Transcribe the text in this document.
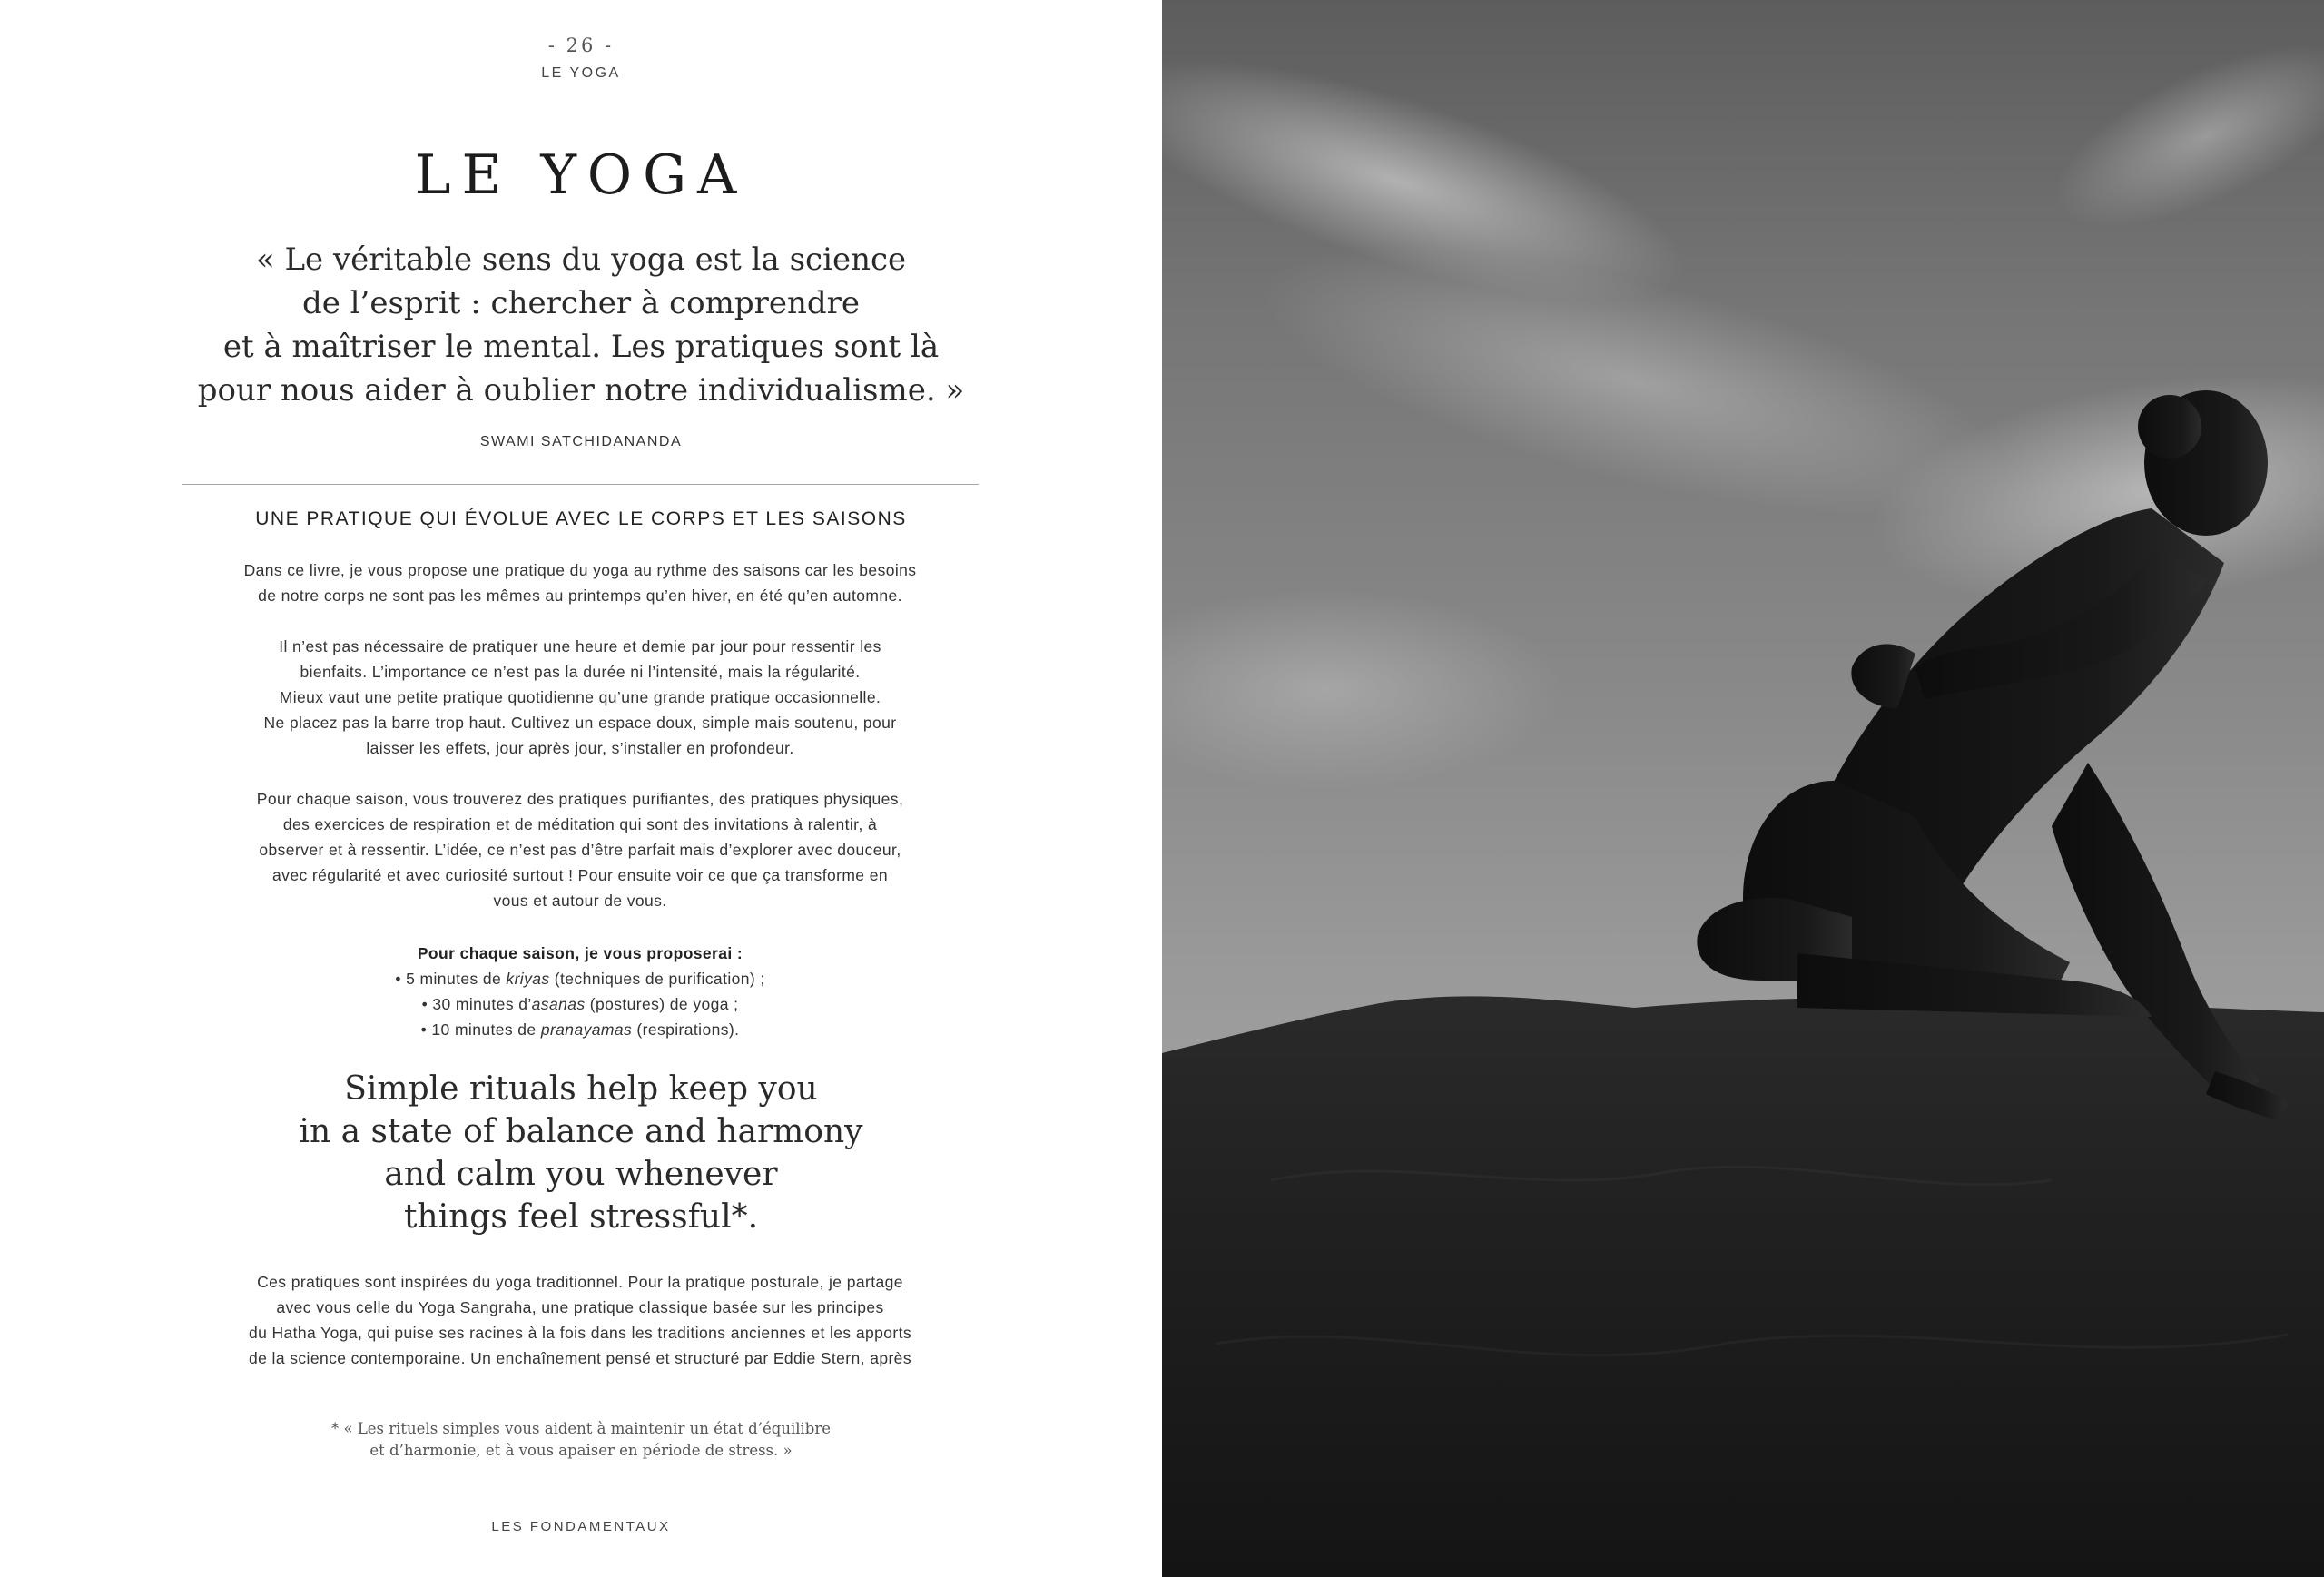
- 26 -
LE YOGA
LE YOGA
« Le véritable sens du yoga est la science
de l’esprit : chercher à comprendre
et à maîtriser le mental. Les pratiques sont là
pour nous aider à oublier notre individualisme. »
SWAMI SATCHIDANANDA
UNE PRATIQUE QUI ÉVOLUE AVEC LE CORPS ET LES SAISONS
Dans ce livre, je vous propose une pratique du yoga au rythme des saisons car les besoins
de notre corps ne sont pas les mêmes au printemps qu’en hiver, en été qu’en automne.
Il n’est pas nécessaire de pratiquer une heure et demie par jour pour ressentir les
bienfaits. L’importance ce n’est pas la durée ni l’intensité, mais la régularité.
Mieux vaut une petite pratique quotidienne qu’une grande pratique occasionnelle.
Ne placez pas la barre trop haut. Cultivez un espace doux, simple mais soutenu, pour
laisser les effets, jour après jour, s’installer en profondeur.
Pour chaque saison, vous trouverez des pratiques purifiantes, des pratiques physiques,
des exercices de respiration et de méditation qui sont des invitations à ralentir, à
observer et à ressentir. L’idée, ce n’est pas d’être parfait mais d’explorer avec douceur,
avec régularité et avec curiosité surtout ! Pour ensuite voir ce que ça transforme en
vous et autour de vous.
Pour chaque saison, je vous proposerai :
• 5 minutes de kriyas (techniques de purification) ;
• 30 minutes d’asanas (postures) de yoga ;
• 10 minutes de pranayamas (respirations).
Simple rituals help keep you
in a state of balance and harmony
and calm you whenever
things feel stressful*.
Ces pratiques sont inspirées du yoga traditionnel. Pour la pratique posturale, je partage
avec vous celle du Yoga Sangraha, une pratique classique basée sur les principes
du Hatha Yoga, qui puise ses racines à la fois dans les traditions anciennes et les apports
de la science contemporaine. Un enchaînement pensé et structuré par Eddie Stern, après
* « Les rituels simples vous aident à maintenir un état d’équilibre
et d’harmonie, et à vous apaiser en période de stress. »
LES FONDAMENTAUX
